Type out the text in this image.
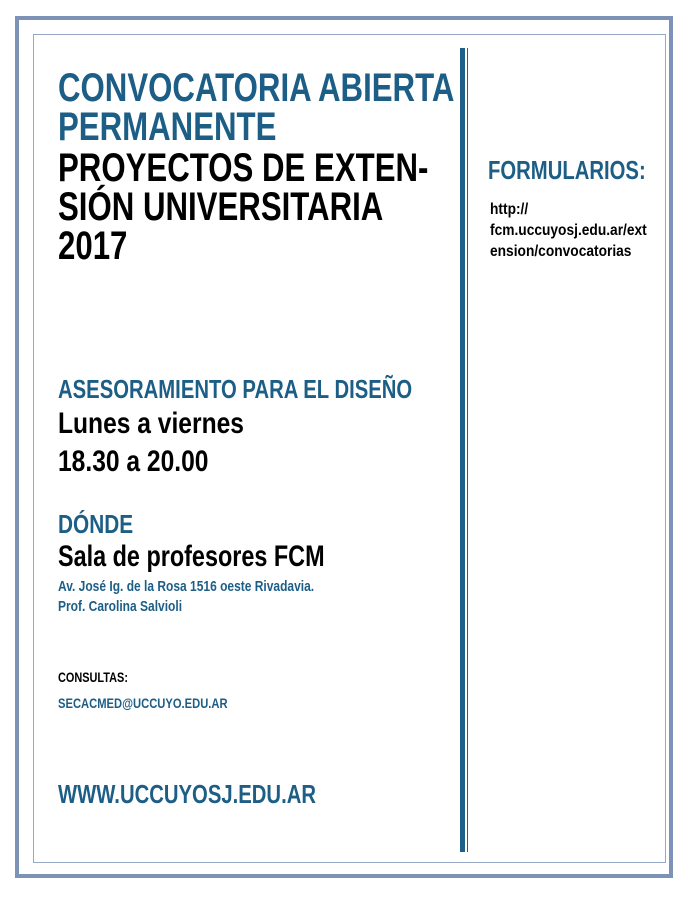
CONVOCATORIA ABIERTA

PERMANENTE

PROYECTOS DE EXTEN-

SIÓN UNIVERSITARIA

2017

ASESORAMIENTO PARA EL DISEÑO

Lunes a viernes

18.30 a 20.00

DÓNDE

Sala de profesores FCM

Av. José Ig. de la Rosa 1516 oeste Rivadavia.

Prof. Carolina Salvioli

CONSULTAS:

SECACMED@UCCUYO.EDU.AR

WWW.UCCUYOSJ.EDU.AR

FORMULARIOS:

http://

fcm.uccuyosj.edu.ar/ext

ension/convocatorias
